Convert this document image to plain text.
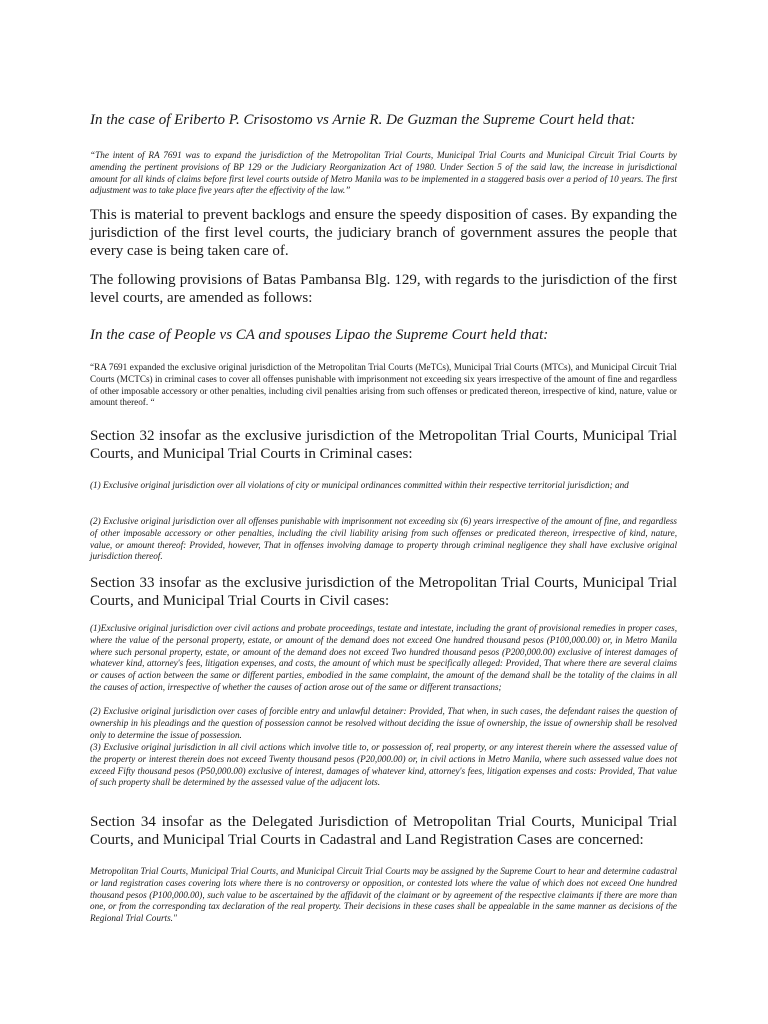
In the case of Eriberto P. Crisostomo vs Arnie R. De Guzman the Supreme Court held that:

“The intent of RA 7691 was to expand the jurisdiction of the Metropolitan Trial Courts, Municipal Trial Courts and Municipal Circuit Trial Courts by amending the pertinent provisions of BP 129 or the Judiciary Reorganization Act of 1980. Under Section 5 of the said law, the increase in jurisdictional amount for all kinds of claims before first level courts outside of Metro Manila was to be implemented in a staggered basis over a period of 10 years. The first adjustment was to take place five years after the effectivity of the law.”

This is material to prevent backlogs and ensure the speedy disposition of cases. By expanding the jurisdiction of the first level courts, the judiciary branch of government assures the people that every case is being taken care of.

The following provisions of Batas Pambansa Blg. 129, with regards to the jurisdiction of the first level courts, are amended as follows:

In the case of People vs CA and spouses Lipao the Supreme Court held that:

“RA 7691 expanded the exclusive original jurisdiction of the Metropolitan Trial Courts (MeTCs), Municipal Trial Courts (MTCs), and Municipal Circuit Trial Courts (MCTCs) in criminal cases to cover all offenses punishable with imprisonment not exceeding six years irrespective of the amount of fine and regardless of other imposable accessory or other penalties, including civil penalties arising from such offenses or predicated thereon, irrespective of kind, nature, value or amount thereof. “

Section 32 insofar as the exclusive jurisdiction of the Metropolitan Trial Courts, Municipal Trial Courts, and Municipal Trial Courts in Criminal cases:

(1) Exclusive original jurisdiction over all violations of city or municipal ordinances committed within their respective territorial jurisdiction; and

(2) Exclusive original jurisdiction over all offenses punishable with imprisonment not exceeding six (6) years irrespective of the amount of fine, and regardless of other imposable accessory or other penalties, including the civil liability arising from such offenses or predicated thereon, irrespective of kind, nature, value, or amount thereof: Provided, however, That in offenses involving damage to property through criminal negligence they shall have exclusive original jurisdiction thereof.

Section 33 insofar as the exclusive jurisdiction of the Metropolitan Trial Courts, Municipal Trial Courts, and Municipal Trial Courts in Civil cases:

(1)Exclusive original jurisdiction over civil actions and probate proceedings, testate and intestate, including the grant of provisional remedies in proper cases, where the value of the personal property, estate, or amount of the demand does not exceed One hundred thousand pesos (P100,000.00) or, in Metro Manila where such personal property, estate, or amount of the demand does not exceed Two hundred thousand pesos (P200,000.00) exclusive of interest damages of whatever kind, attorney's fees, litigation expenses, and costs, the amount of which must be specifically alleged: Provided, That where there are several claims or causes of action between the same or different parties, embodied in the same complaint, the amount of the demand shall be the totality of the claims in all the causes of action, irrespective of whether the causes of action arose out of the same or different transactions;

(2) Exclusive original jurisdiction over cases of forcible entry and unlawful detainer: Provided, That when, in such cases, the defendant raises the question of ownership in his pleadings and the question of possession cannot be resolved without deciding the issue of ownership, the issue of ownership shall be resolved only to determine the issue of possession.

(3) Exclusive original jurisdiction in all civil actions which involve title to, or possession of, real property, or any interest therein where the assessed value of the property or interest therein does not exceed Twenty thousand pesos (P20,000.00) or, in civil actions in Metro Manila, where such assessed value does not exceed Fifty thousand pesos (P50,000.00) exclusive of interest, damages of whatever kind, attorney's fees, litigation expenses and costs: Provided, That value of such property shall be determined by the assessed value of the adjacent lots.

Section 34 insofar as the Delegated Jurisdiction of Metropolitan Trial Courts, Municipal Trial Courts, and Municipal Trial Courts in Cadastral and Land Registration Cases are concerned:

Metropolitan Trial Courts, Municipal Trial Courts, and Municipal Circuit Trial Courts may be assigned by the Supreme Court to hear and determine cadastral or land registration cases covering lots where there is no controversy or opposition, or contested lots where the value of which does not exceed One hundred thousand pesos (P100,000.00), such value to be ascertained by the affidavit of the claimant or by agreement of the respective claimants if there are more than one, or from the corresponding tax declaration of the real property. Their decisions in these cases shall be appealable in the same manner as decisions of the Regional Trial Courts."
